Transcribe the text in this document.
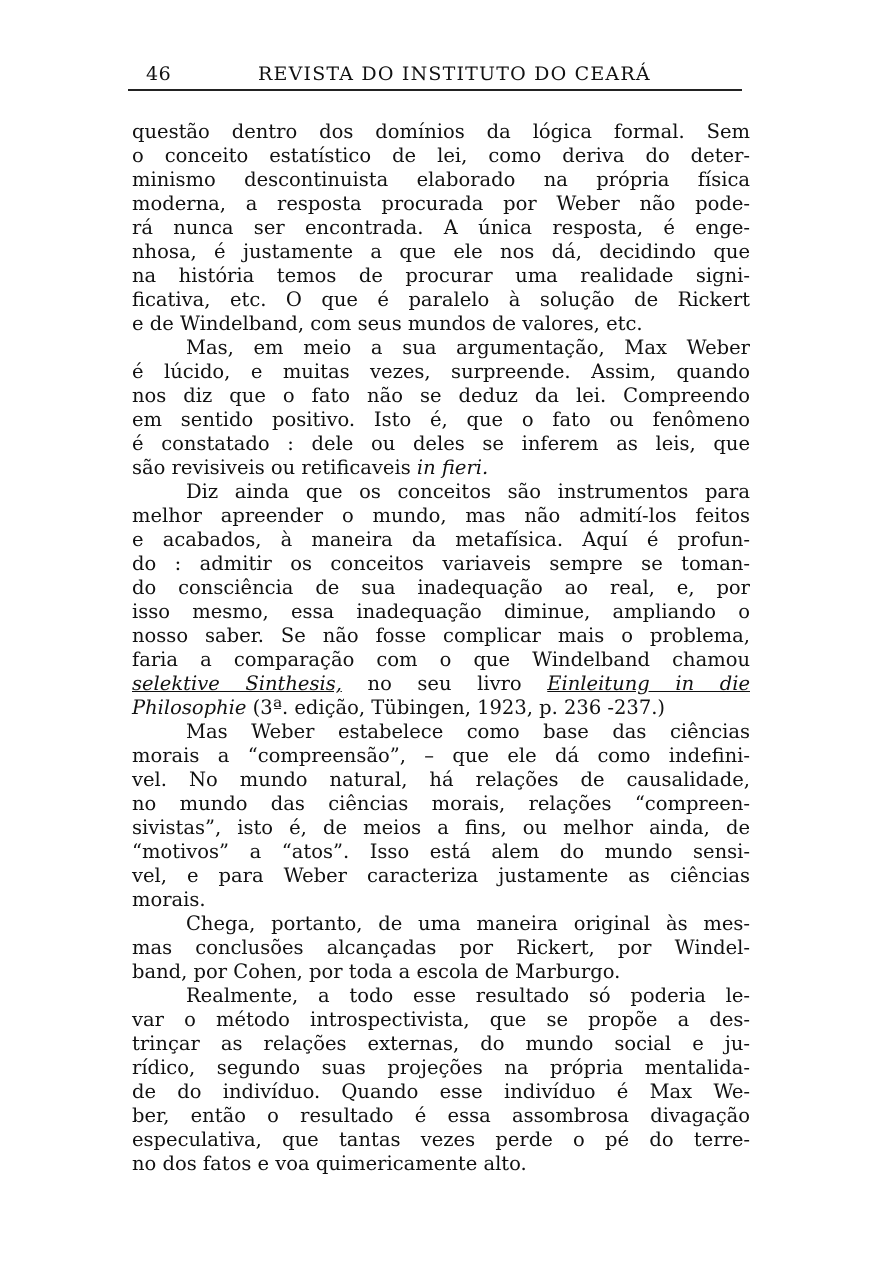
46	REVISTA DO INSTITUTO DO CEARÁ
questão dentro dos domínios da lógica formal. Sem
o conceito estatístico de lei, como deriva do deter-
minismo descontinuista elaborado na própria física
moderna, a resposta procurada por Weber não pode-
rá nunca ser encontrada. A única resposta, é enge-
nhosa, é justamente a que ele nos dá, decidindo que
na história temos de procurar uma realidade signi-
ficativa, etc. O que é paralelo à solução de Rickert
e de Windelband, com seus mundos de valores, etc.
Mas, em meio a sua argumentação, Max Weber
é lúcido, e muitas vezes, surpreende. Assim, quando
nos diz que o fato não se deduz da lei. Compreendo
em sentido positivo. Isto é, que o fato ou fenômeno
é constatado : dele ou deles se inferem as leis, que
são revisiveis ou retificaveis in fieri.
Diz ainda que os conceitos são instrumentos para
melhor apreender o mundo, mas não admití-los feitos
e acabados, à maneira da metafísica. Aquí é profun-
do : admitir os conceitos variaveis sempre se toman-
do consciência de sua inadequação ao real, e, por
isso mesmo, essa inadequação diminue, ampliando o
nosso saber. Se não fosse complicar mais o problema,
faria a comparação com o que Windelband chamou
selektive Sinthesis, no seu livro Einleitung in die
Philosophie (3ª. edição, Tübingen, 1923, p. 236 -237.)
Mas Weber estabelece como base das ciências
morais a “compreensão”, – que ele dá como indefini-
vel. No mundo natural, há relações de causalidade,
no mundo das ciências morais, relações “compreen-
sivistas”, isto é, de meios a fins, ou melhor ainda, de
“motivos” a “atos”. Isso está alem do mundo sensi-
vel, e para Weber caracteriza justamente as ciências
morais.
Chega, portanto, de uma maneira original às mes-
mas conclusões alcançadas por Rickert, por Windel-
band, por Cohen, por toda a escola de Marburgo.
Realmente, a todo esse resultado só poderia le-
var o método introspectivista, que se propõe a des-
trinçar as relações externas, do mundo social e ju-
rídico, segundo suas projeções na própria mentalida-
de do indivíduo. Quando esse indivíduo é Max We-
ber, então o resultado é essa assombrosa divagação
especulativa, que tantas vezes perde o pé do terre-
no dos fatos e voa quimericamente alto.
